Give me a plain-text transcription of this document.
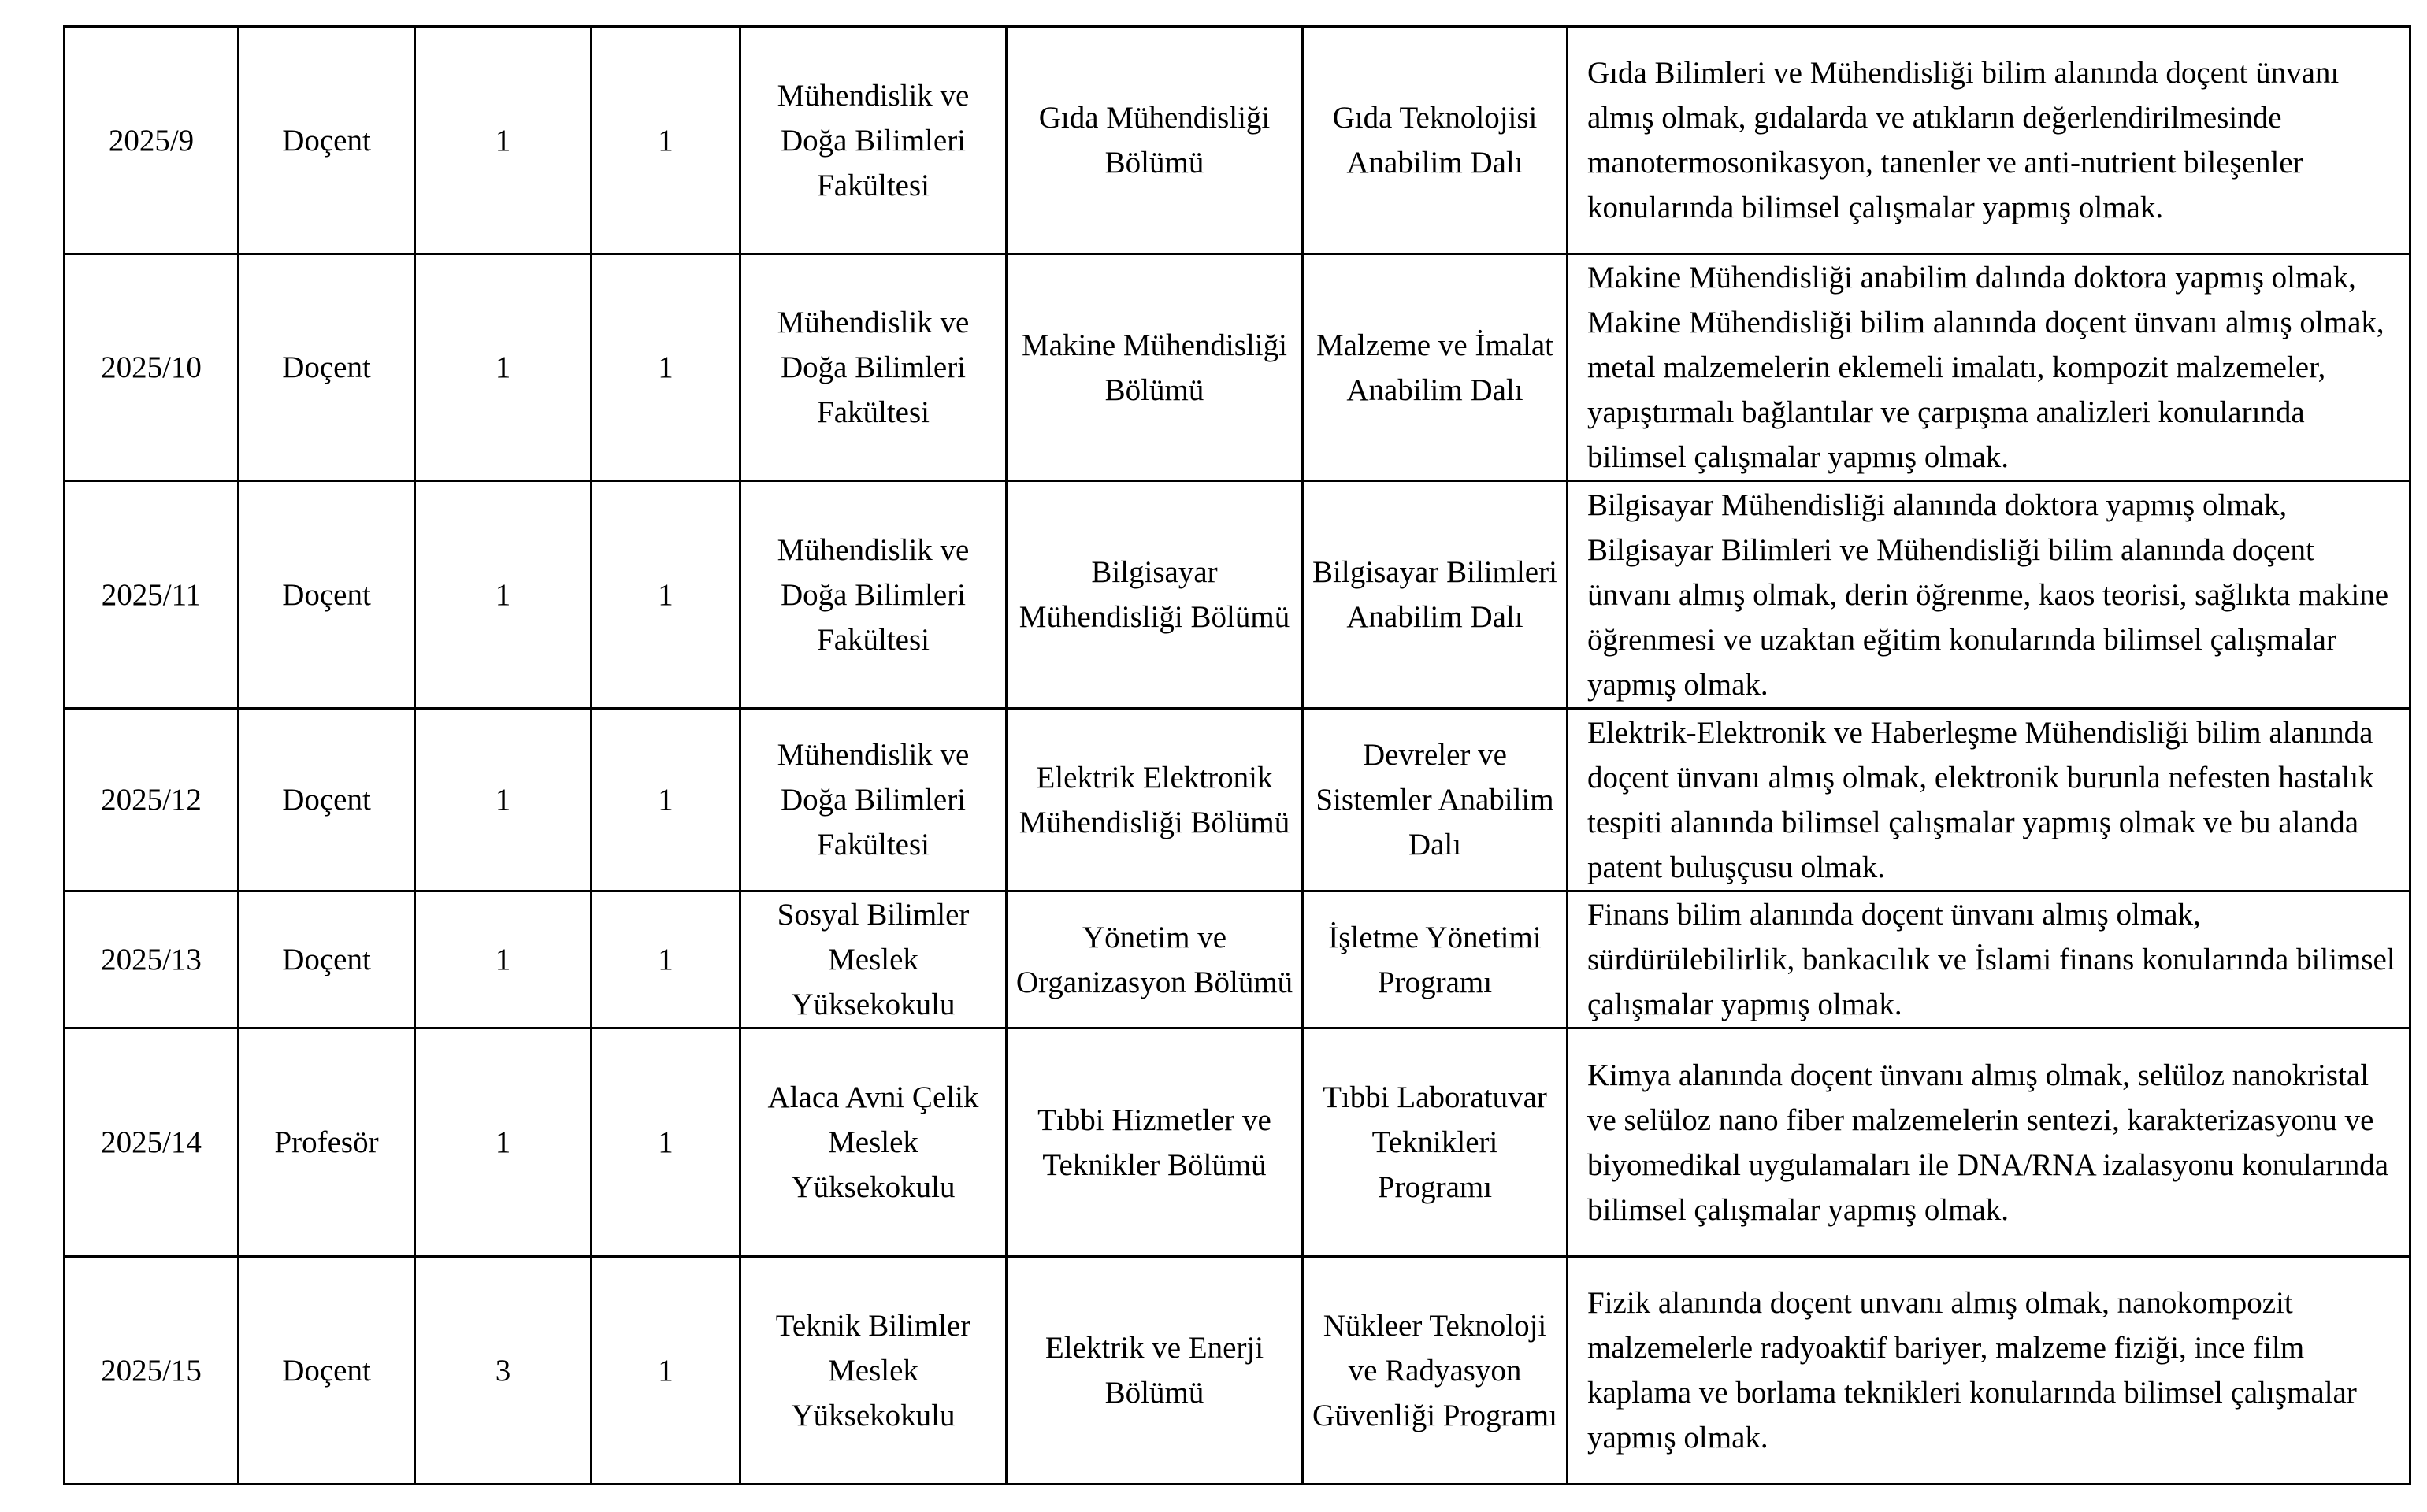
2025/9	Doçent	1	1	Mühendislik ve Doğa Bilimleri Fakültesi	Gıda Mühendisliği Bölümü	Gıda Teknolojisi Anabilim Dalı	Gıda Bilimleri ve Mühendisliği bilim alanında doçent ünvanı almış olmak, gıdalarda ve atıkların değerlendirilmesinde manotermosonikasyon, tanenler ve anti-nutrient bileşenler konularında bilimsel çalışmalar yapmış olmak.

2025/10	Doçent	1	1	Mühendislik ve Doğa Bilimleri Fakültesi	Makine Mühendisliği Bölümü	Malzeme ve İmalat Anabilim Dalı	Makine Mühendisliği anabilim dalında doktora yapmış olmak, Makine Mühendisliği bilim alanında doçent ünvanı almış olmak, metal malzemelerin eklemeli imalatı, kompozit malzemeler, yapıştırmalı bağlantılar ve çarpışma analizleri konularında bilimsel çalışmalar yapmış olmak.

2025/11	Doçent	1	1	Mühendislik ve Doğa Bilimleri Fakültesi	Bilgisayar Mühendisliği Bölümü	Bilgisayar Bilimleri Anabilim Dalı	Bilgisayar Mühendisliği alanında doktora yapmış olmak, Bilgisayar Bilimleri ve Mühendisliği bilim alanında doçent ünvanı almış olmak, derin öğrenme, kaos teorisi, sağlıkta makine öğrenmesi ve uzaktan eğitim konularında bilimsel çalışmalar yapmış olmak.

2025/12	Doçent	1	1	Mühendislik ve Doğa Bilimleri Fakültesi	Elektrik Elektronik Mühendisliği Bölümü	Devreler ve Sistemler Anabilim Dalı	Elektrik-Elektronik ve Haberleşme Mühendisliği bilim alanında doçent ünvanı almış olmak, elektronik burunla nefesten hastalık tespiti alanında bilimsel çalışmalar yapmış olmak ve bu alanda patent buluşçusu olmak.

2025/13	Doçent	1	1	Sosyal Bilimler Meslek Yüksekokulu	Yönetim ve Organizasyon Bölümü	İşletme Yönetimi Programı	Finans bilim alanında doçent ünvanı almış olmak, sürdürülebilirlik, bankacılık ve İslami finans konularında bilimsel çalışmalar yapmış olmak.

2025/14	Profesör	1	1	Alaca Avni Çelik Meslek Yüksekokulu	Tıbbi Hizmetler ve Teknikler Bölümü	Tıbbi Laboratuvar Teknikleri Programı	Kimya alanında doçent ünvanı almış olmak, selüloz nanokristal ve selüloz nano fiber malzemelerin sentezi, karakterizasyonu ve biyomedikal uygulamaları ile DNA/RNA izalasyonu konularında bilimsel çalışmalar yapmış olmak.

2025/15	Doçent	3	1	Teknik Bilimler Meslek Yüksekokulu	Elektrik ve Enerji Bölümü	Nükleer Teknoloji ve Radyasyon Güvenliği Programı	Fizik alanında doçent unvanı almış olmak, nanokompozit malzemelerle radyoaktif bariyer, malzeme fiziği, ince film kaplama ve borlama teknikleri konularında bilimsel çalışmalar yapmış olmak.
